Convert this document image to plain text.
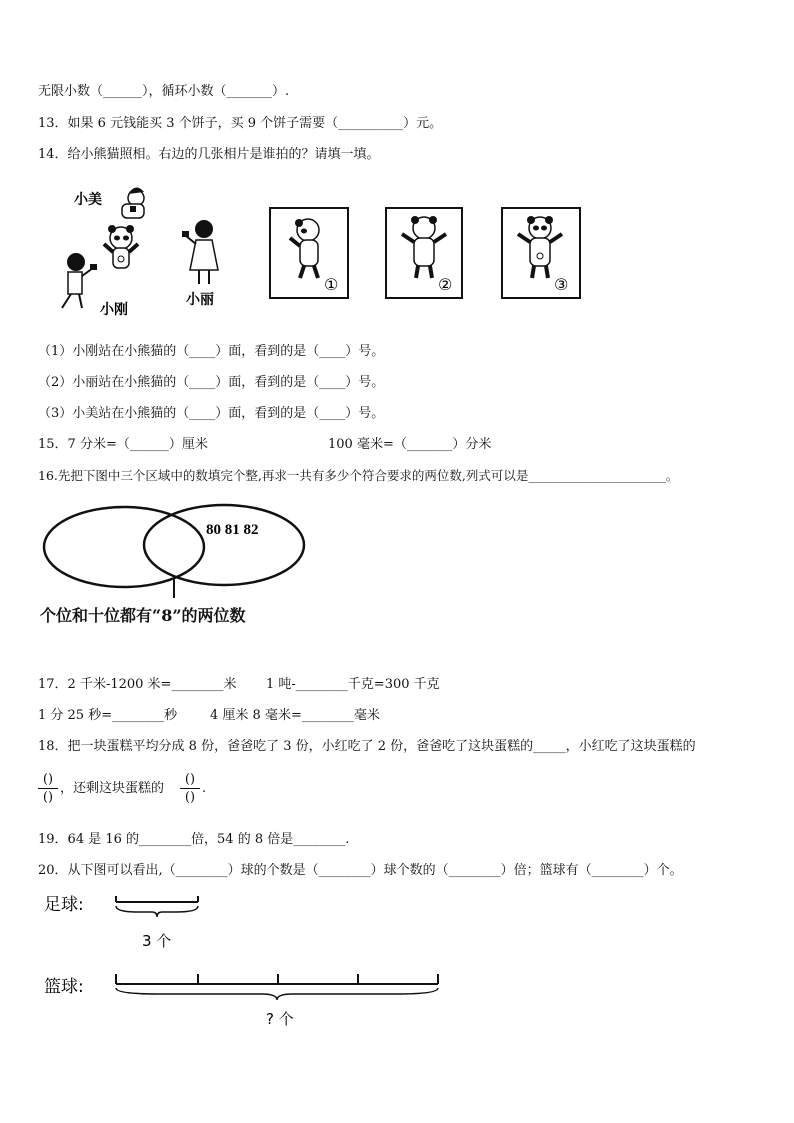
无限小数（______），循环小数（_______）.
13．如果 6 元钱能买 3 个饼子，买 9 个饼子需要（__________）元。
14．给小熊猫照相。右边的几张相片是谁拍的？请填一填。
小美
小刚
小丽
①	②	③
（1）小刚站在小熊猫的（____）面，看到的是（____）号。
（2）小丽站在小熊猫的（____）面，看到的是（____）号。
（3）小美站在小熊猫的（____）面，看到的是（____）号。
15．7 分米=（______）厘米	100 毫米=（_______）分米
16.先把下图中三个区域中的数填完个整,再求一共有多少个符合要求的两位数,列式可以是______________________。
80 81 82
个位和十位都有“8”的两位数
17．2 千米-1200 米=________米 1 吨-________千克=300 千克
1 分 25 秒=________秒	4 厘米 8 毫米=________毫米
18．把一块蛋糕平均分成 8 份，爸爸吃了 3 份，小红吃了 2 份，爸爸吃了这块蛋糕的_____，小红吃了这块蛋糕的
()
()
，还剩这块蛋糕的
()
()
.
19．64 是 16 的________倍，54 的 8 倍是________.
20．从下图可以看出,（________）球的个数是（________）球个数的（________）倍；篮球有（________）个。
足球:
3 个
篮球:
? 个
